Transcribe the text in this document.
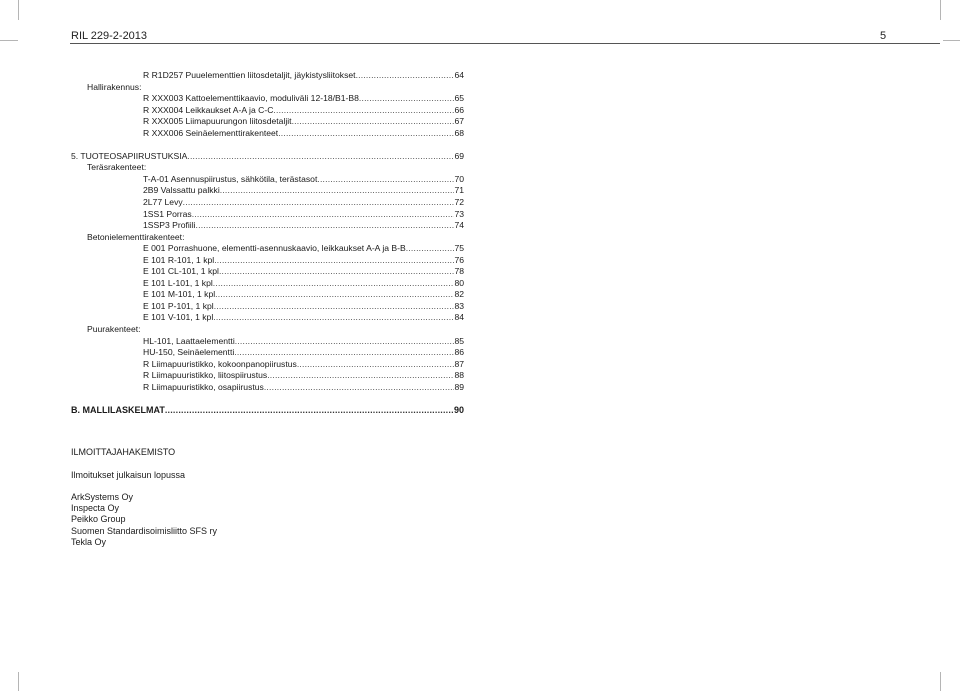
RIL 229-2-2013	5
R R1D257 Puuelementtien liitosdetaljit, jäykistysliitokset .....	64
Hallirakennus:
R XXX003 Kattoelementtikaavio, moduliväli 12-18/B1-B8 .....	65
R XXX004 Leikkaukset A-A ja C-C .....	66
R XXX005 Liimapuurungon liitosdetaljit .....	67
R XXX006 Seinäelementtirakenteet .....	68
5. TUOTEOSAPIIRUSTUKSIA .....	69
Teräsrakenteet:
T-A-01 Asennuspiirustus, sähkötila, terästasot .....	70
2B9 Valssattu palkki .....	71
2L77 Levy .....	72
1SS1 Porras .....	73
1SSP3 Profiili .....	74
Betonielementtirakenteet:
E 001 Porrashuone, elementti-asennuskaavio, leikkaukset A-A ja B-B .....	75
E 101 R-101, 1 kpl .....	76
E 101 CL-101, 1 kpl .....	78
E 101 L-101, 1 kpl .....	80
E 101 M-101, 1 kpl .....	82
E 101 P-101, 1 kpl .....	83
E 101 V-101, 1 kpl .....	84
Puurakenteet:
HL-101, Laattaelementti .....	85
HU-150, Seinäelementti .....	86
R Liimapuuristikko, kokoonpanopiirustus .....	87
R Liimapuuristikko, liitospiirustus .....	88
R Liimapuuristikko, osapiirustus .....	89
B. MALLILASKELMAT .....	90
ILMOITTAJAHAKEMISTO
Ilmoitukset julkaisun lopussa
ArkSystems Oy
Inspecta Oy
Peikko Group
Suomen Standardisoimisliitto SFS ry
Tekla Oy
